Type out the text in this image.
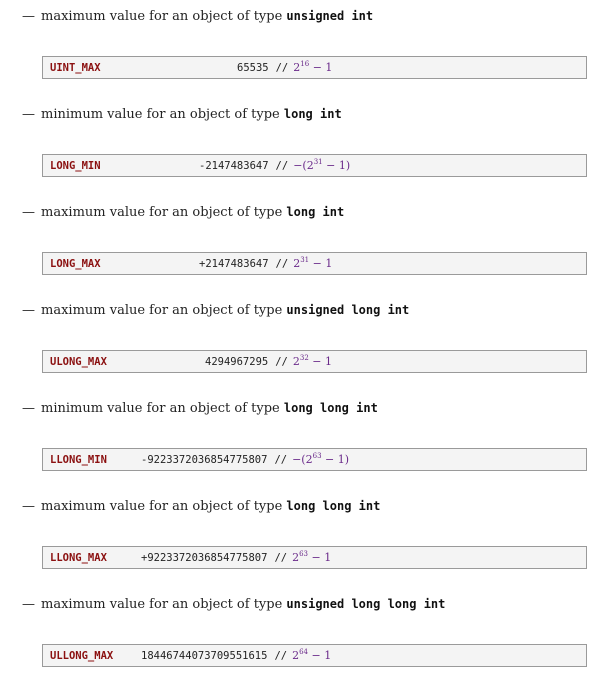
— maximum value for an object of type unsigned int
UINT_MAX	$65535 // 2^{16} - 1$
— minimum value for an object of type long int
LONG_MIN	$-2147483647 // -(2^{31} - 1)$
— maximum value for an object of type long int
LONG_MAX	$+2147483647 // 2^{31} - 1$
— maximum value for an object of type unsigned long int
ULONG_MAX	$4294967295 // 2^{32} - 1$
— minimum value for an object of type long long int
LLONG_MIN	$-9223372036854775807 // -(2^{63} - 1)$
— maximum value for an object of type long long int
LLONG_MAX	$+9223372036854775807 // 2^{63} - 1$
— maximum value for an object of type unsigned long long int
ULLONG_MAX	$18446744073709551615 // 2^{64} - 1$
